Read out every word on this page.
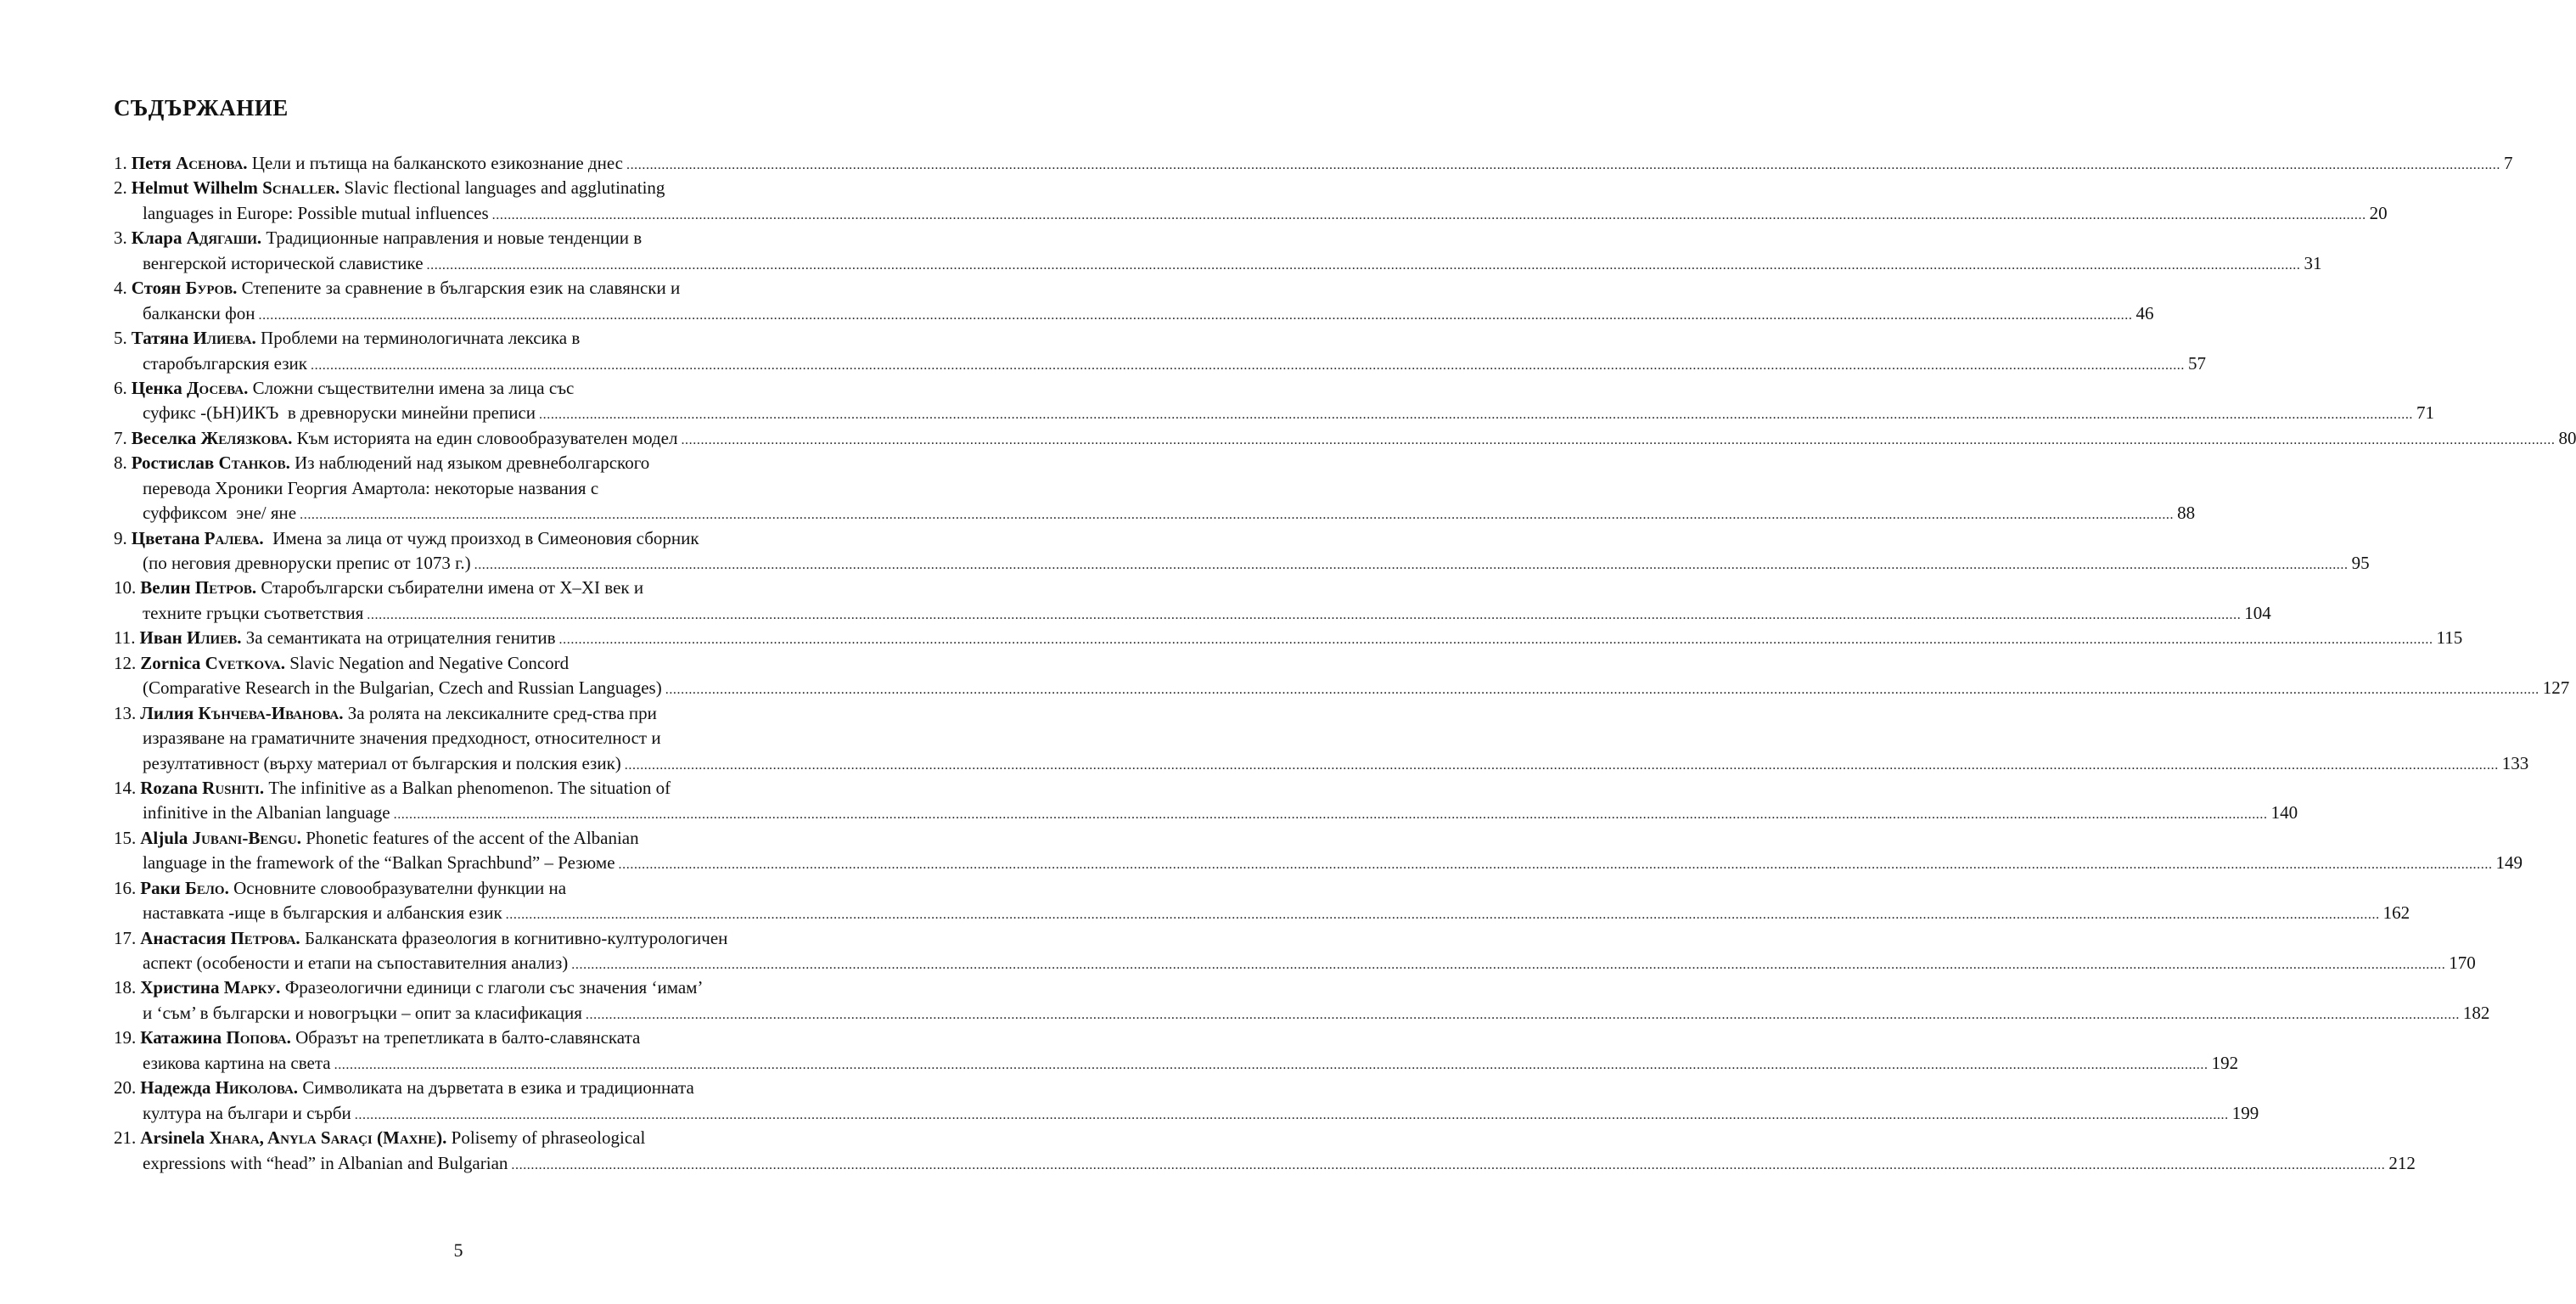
СЪДЪРЖАНИЕ
1. Петя Асенова.
Цели и пътища на балканското езикознание днес ................................................................................................................................................................................................................................................................................................................................................................................................................................................................................................ 7
2. Helmut Wilhelm Schaller.
Slavic flectional languages and agglutinating
languages in Europe: Possible mutual influences ................................................................................................................................................................................................................................................................................................................................................................................................................................................................................................ 20
3. Клара Адягаши.
Традиционные направления и новые тенденции в
венгерской исторической славистике ................................................................................................................................................................................................................................................................................................................................................................................................................................................................................................ 31
4. Стоян Буров.
Степените за сравнение в българския език на славянски и
балкански фон ................................................................................................................................................................................................................................................................................................................................................................................................................................................................................................ 46
5. Татяна Илиева.
Проблеми на терминологичната лексика в
старобългарския език ................................................................................................................................................................................................................................................................................................................................................................................................................................................................................................ 57
6. Ценка Досева.
Сложни съществителни имена за лица със
суфикс -(ЬН)ИКЪ  в древноруски минейни преписи ................................................................................................................................................................................................................................................................................................................................................................................................................................................................................................ 71
7. Веселка Желязкова.
Към историята на един словообразувателен модел ................................................................................................................................................................................................................................................................................................................................................................................................................................................................................................ 80
8. Ростислав Станков.
Из наблюдений над языком древнеболгарского
перевода Хроники Георгия Амартола: некоторые названия с
суффиксом  эне/ яне ................................................................................................................................................................................................................................................................................................................................................................................................................................................................................................ 88
9. Цветана Ралева.
Имена за лица от чужд произход в Симеоновия сборник
(по неговия древноруски препис от 1073 г.) ................................................................................................................................................................................................................................................................................................................................................................................................................................................................................................ 95
10. Велин Петров.
Старобългарски събирателни имена от X–XI век и
техните гръцки съответствия ................................................................................................................................................................................................................................................................................................................................................................................................................................................................................................ 104
11. Иван Илиев.
За семантиката на отрицателния генитив ................................................................................................................................................................................................................................................................................................................................................................................................................................................................................................ 115
12. Zornica Cvetkova.
Slavic Negation and Negative Concord
(Comparative Research in the Bulgarian, Czech and Russian Languages) ................................................................................................................................................................................................................................................................................................................................................................................................................................................................................................ 127
13. Лилия Кънчева-Иванова.
За ролята на лексикалните сред-ства при
изразяване на граматичните значения предходност, относителност и
резултативност (върху материал от българския и полския език) ................................................................................................................................................................................................................................................................................................................................................................................................................................................................................................ 133
14. Rozana Rushiti.
The infinitive as a Balkan phenomenon. The situation of
infinitive in the Albanian language ................................................................................................................................................................................................................................................................................................................................................................................................................................................................................................ 140
15. Aljula Jubani-Bengu.
Phonetic features of the accent of the Albanian
language in the framework of the “Balkan Sprachbund” – Резюме ................................................................................................................................................................................................................................................................................................................................................................................................................................................................................................ 149
16. Раки Бело.
Основните словообразувателни функции на
наставката -ище в българския и албанския език ................................................................................................................................................................................................................................................................................................................................................................................................................................................................................................ 162
17. Анастасия Петрова.
Балканската фразеология в когнитивно-културологичен
аспект (особености и етапи на съпоставителния анализ) ................................................................................................................................................................................................................................................................................................................................................................................................................................................................................................ 170
18. Христина Марку.
Фразеологични единици с глаголи със значения ‘имам’
и ‘съм’ в български и новогръцки – опит за класификация ................................................................................................................................................................................................................................................................................................................................................................................................................................................................................................ 182
19. Катажина Попова.
Образът на трепетликата в балто-славянската
езикова картина на света ................................................................................................................................................................................................................................................................................................................................................................................................................................................................................................ 192
20. Надежда Николова.
Символиката на дърветата в езика и традиционната
култура на българи и сърби ................................................................................................................................................................................................................................................................................................................................................................................................................................................................................................ 199
21. Arsinela Xhara, Anyla Saraçi (Maxhe).
Polisemy of phraseological
expressions with “head” in Albanian and Bulgarian ................................................................................................................................................................................................................................................................................................................................................................................................................................................................................................ 212
5
